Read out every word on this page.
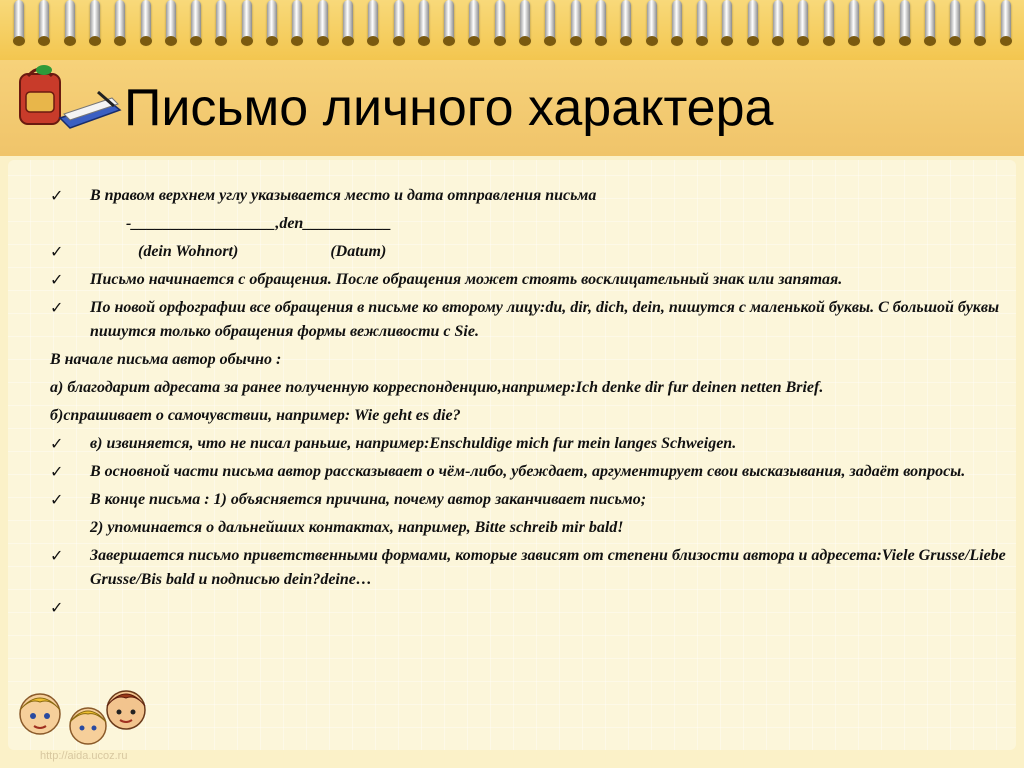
Письмо личного характера
✓ В правом верхнем углу указывается место и дата отправления письма
-__________________,den___________
✓	(dein Wohnort)	(Datum)
✓ Письмо начинается с обращения. После обращения может стоять восклицательный знак или запятая.
✓ По новой орфографии все обращения в письме ко второму лицу:du, dir, dich, dein, пишутся с маленькой буквы. С большой буквы пишутся только обращения формы вежливости с Sie.
В начале письма автор обычно :
а) благодарит адресата за ранее полученную корреспонденцию,например:Ich denke dir fur deinen netten Brief.
б)спрашивает о самочувствии, например: Wie geht es die?
✓ в) извиняется, что не писал раньше, например:Enschuldige mich fur mein langes Schweigen.
✓ В основной части письма автор рассказывает о чём-либо, убеждает, аргументирует свои высказывания, задаёт вопросы.
✓ В конце письма : 1) объясняется причина, почему автор заканчивает письмо;
2) упоминается о дальнейших контактах, например, Bitte schreib mir bald!
✓ Завершается письмо приветственными формами, которые зависят от степени близости автора и адресета:Viele Grusse/Liebe Grusse/Bis bald и подписью dein?deine…
✓
http://aida.ucoz.ru
